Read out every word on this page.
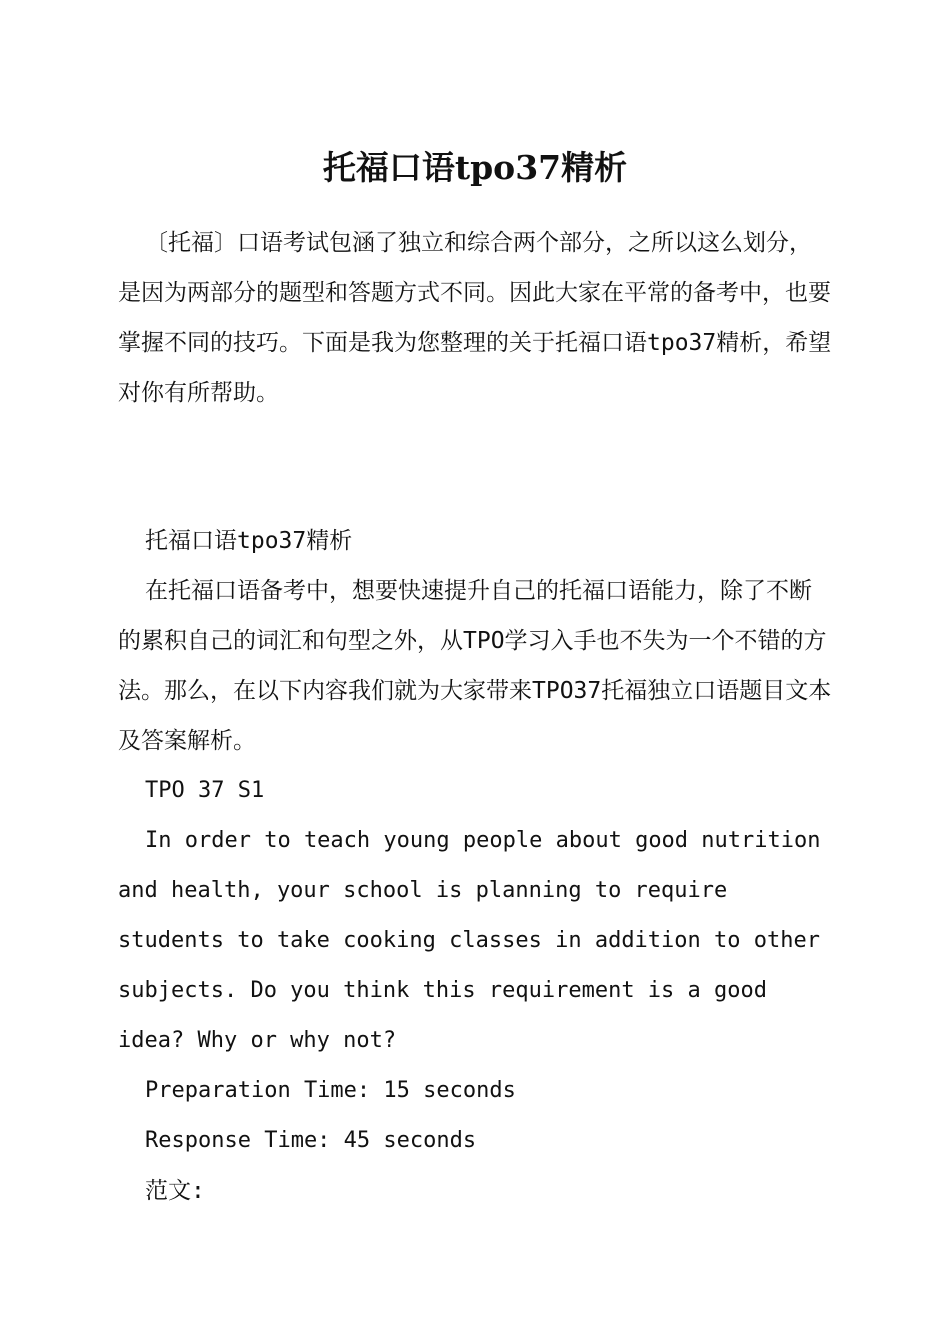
托福口语tpo37精析

〔托福〕口语考试包涵了独立和综合两个部分，之所以这么划分，是因为两部分的题型和答题方式不同。因此大家在平常的备考中，也要掌握不同的技巧。下面是我为您整理的关于托福口语tpo37精析，希望对你有所帮助。

托福口语tpo37精析

在托福口语备考中，想要快速提升自己的托福口语能力，除了不断的累积自己的词汇和句型之外，从TPO学习入手也不失为一个不错的方法。那么，在以下内容我们就为大家带来TPO37托福独立口语题目文本及答案解析。

TPO 37 S1

In order to teach young people about good nutrition and health, your school is planning to require students to take cooking classes in addition to other subjects. Do you think this requirement is a good idea? Why or why not?

Preparation Time: 15 seconds

Response Time: 45 seconds

范文:
